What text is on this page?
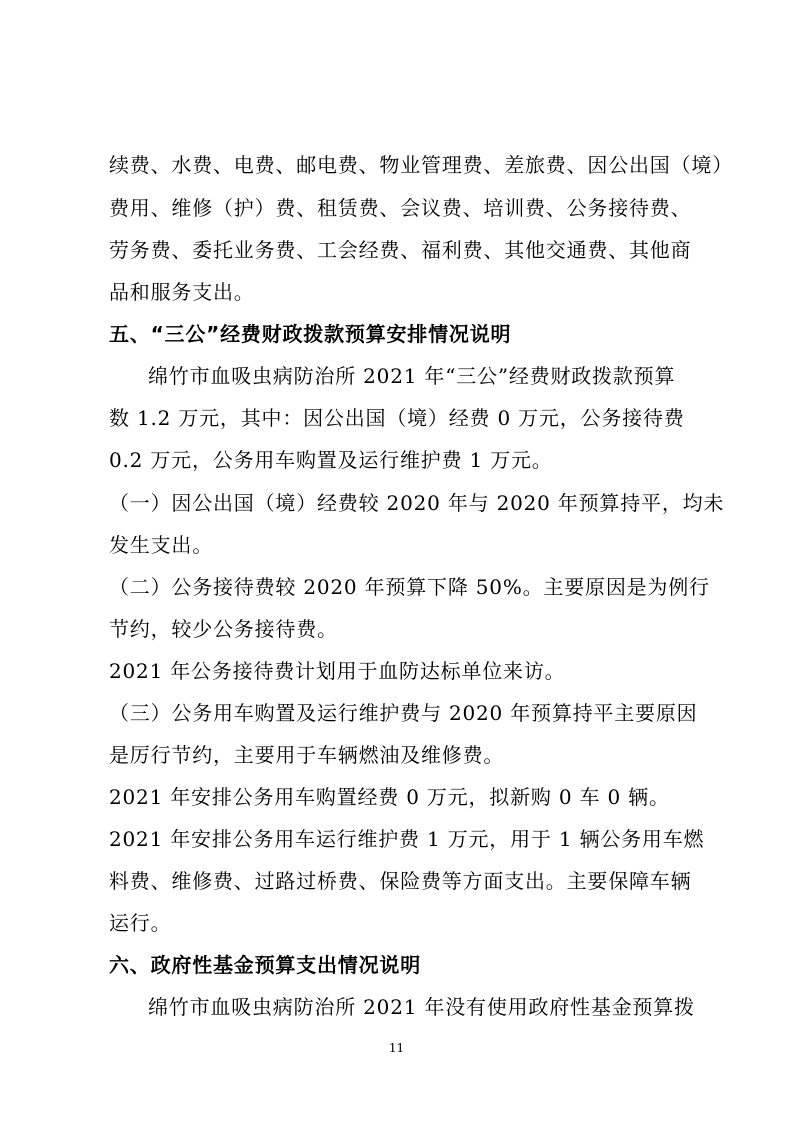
续费、水费、电费、邮电费、物业管理费、差旅费、因公出国（境）
费用、维修（护）费、租赁费、会议费、培训费、公务接待费、
劳务费、委托业务费、工会经费、福利费、其他交通费、其他商
品和服务支出。
五、“三公”经费财政拨款预算安排情况说明
绵竹市血吸虫病防治所 2021 年“三公”经费财政拨款预算
数 1.2 万元，其中：因公出国（境）经费 0 万元，公务接待费
0.2 万元，公务用车购置及运行维护费 1 万元。
（一）因公出国（境）经费较 2020 年与 2020 年预算持平，均未
发生支出。
（二）公务接待费较 2020 年预算下降 50%。主要原因是为例行
节约，较少公务接待费。
2021 年公务接待费计划用于血防达标单位来访。
（三）公务用车购置及运行维护费与 2020 年预算持平主要原因
是厉行节约，主要用于车辆燃油及维修费。
2021 年安排公务用车购置经费 0 万元，拟新购 0 车 0 辆。
2021 年安排公务用车运行维护费 1 万元，用于 1 辆公务用车燃
料费、维修费、过路过桥费、保险费等方面支出。主要保障车辆
运行。
六、政府性基金预算支出情况说明
绵竹市血吸虫病防治所 2021 年没有使用政府性基金预算拨
11
